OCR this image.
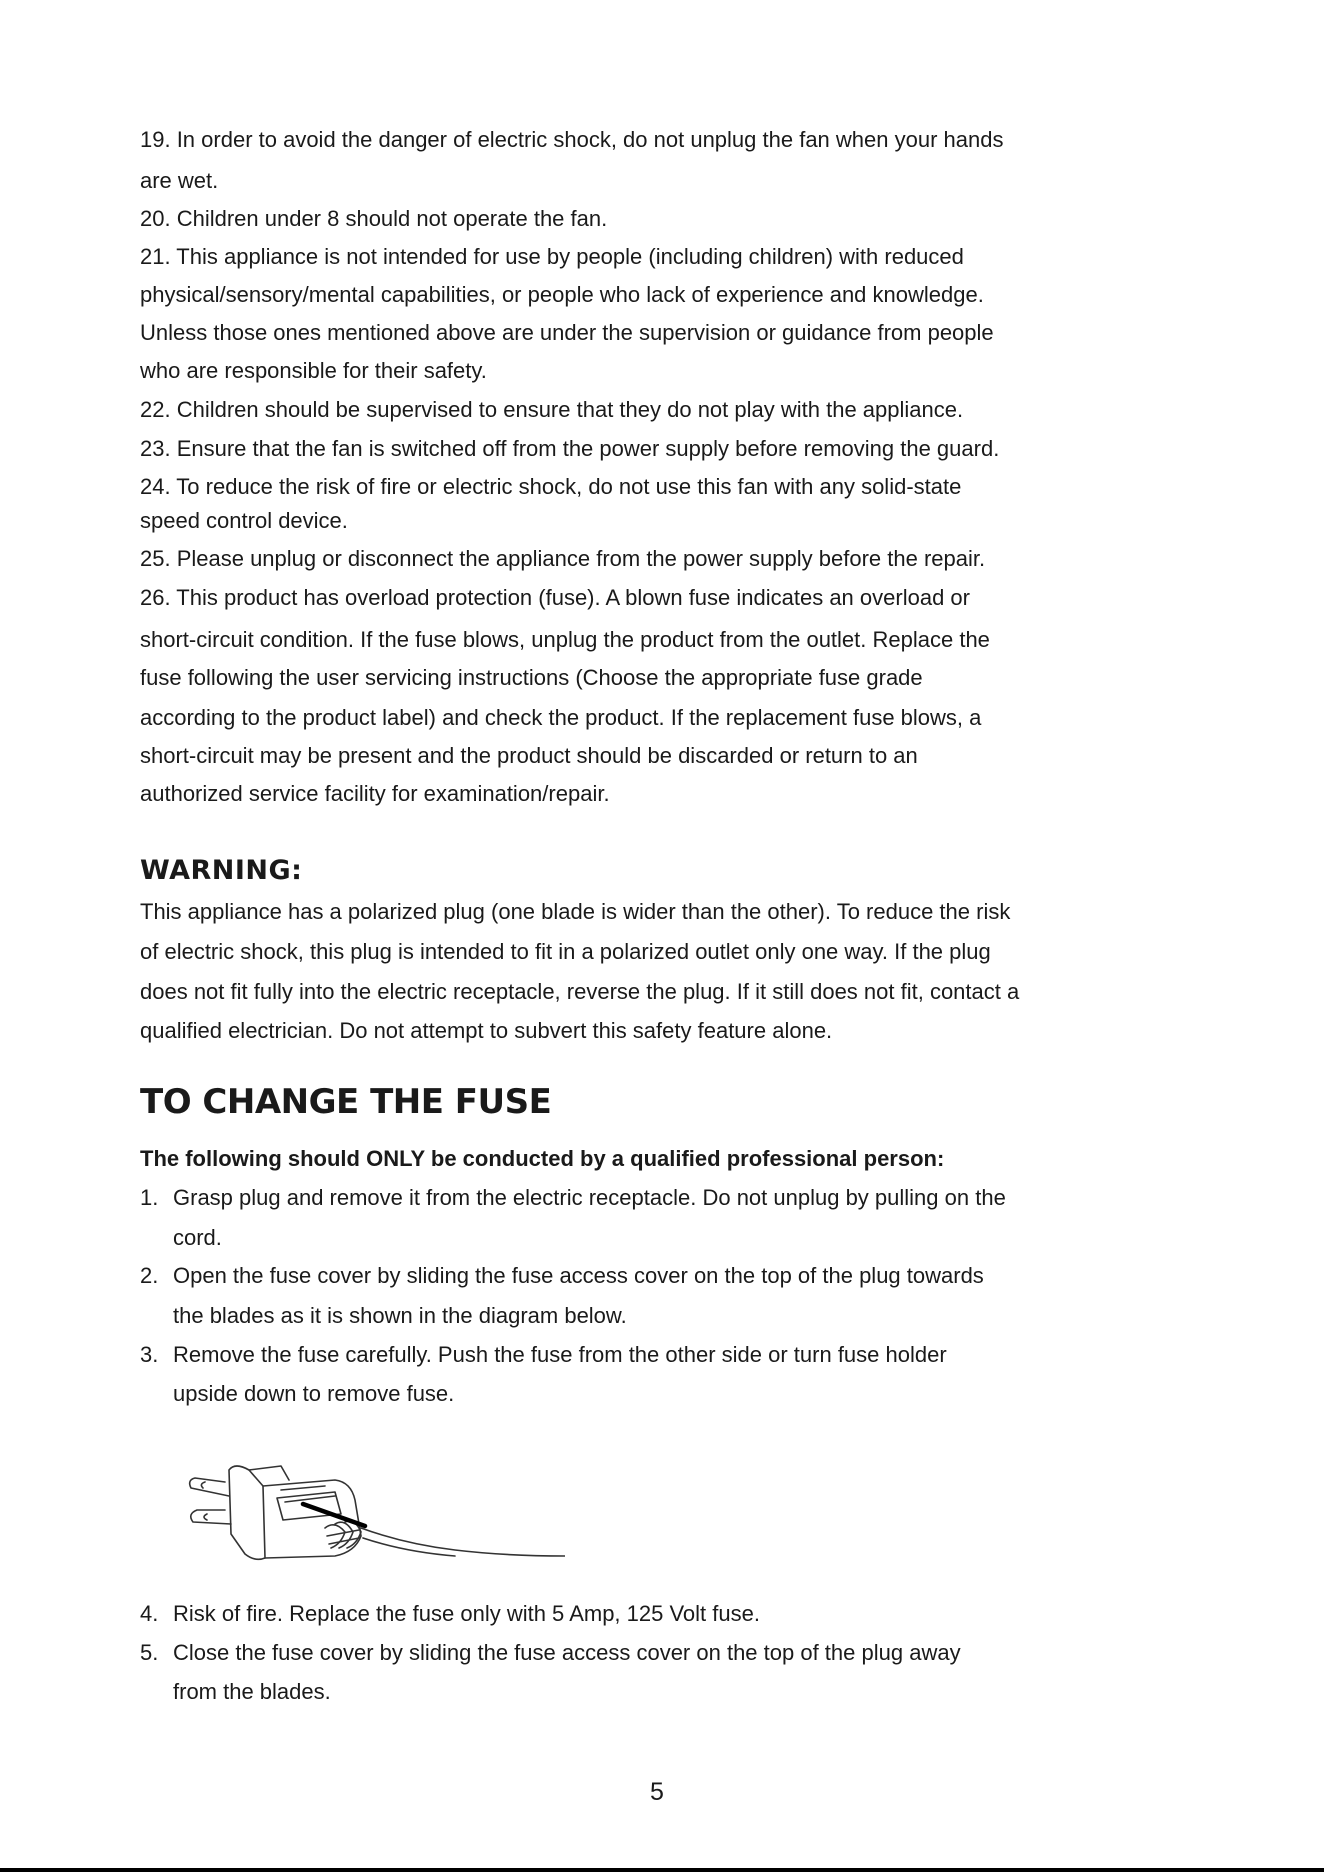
19. In order to avoid the danger of electric shock, do not unplug the fan when your hands
are wet.
20. Children under 8 should not operate the fan.
21. This appliance is not intended for use by people (including children) with reduced
physical/sensory/mental capabilities, or people who lack of experience and knowledge.
Unless those ones mentioned above are under the supervision or guidance from people
who are responsible for their safety.
22. Children should be supervised to ensure that they do not play with the appliance.
23. Ensure that the fan is switched off from the power supply before removing the guard.
24. To reduce the risk of fire or electric shock, do not use this fan with any solid-state
speed control device.
25. Please unplug or disconnect the appliance from the power supply before the repair.
26. This product has overload protection (fuse). A blown fuse indicates an overload or
short-circuit condition. If the fuse blows, unplug the product from the outlet. Replace the
fuse following the user servicing instructions (Choose the appropriate fuse grade
according to the product label) and check the product. If the replacement fuse blows, a
short-circuit may be present and the product should be discarded or return to an
authorized service facility for examination/repair.
WARNING:
This appliance has a polarized plug (one blade is wider than the other). To reduce the risk
of electric shock, this plug is intended to fit in a polarized outlet only one way. If the plug
does not fit fully into the electric receptacle, reverse the plug. If it still does not fit, contact a
qualified electrician. Do not attempt to subvert this safety feature alone.
TO CHANGE THE FUSE
The following should ONLY be conducted by a qualified professional person:
1. Grasp plug and remove it from the electric receptacle. Do not unplug by pulling on the
cord.
2. Open the fuse cover by sliding the fuse access cover on the top of the plug towards
the blades as it is shown in the diagram below.
3. Remove the fuse carefully. Push the fuse from the other side or turn fuse holder
upside down to remove fuse.
4. Risk of fire. Replace the fuse only with 5 Amp, 125 Volt fuse.
5. Close the fuse cover by sliding the fuse access cover on the top of the plug away
from the blades.
5
